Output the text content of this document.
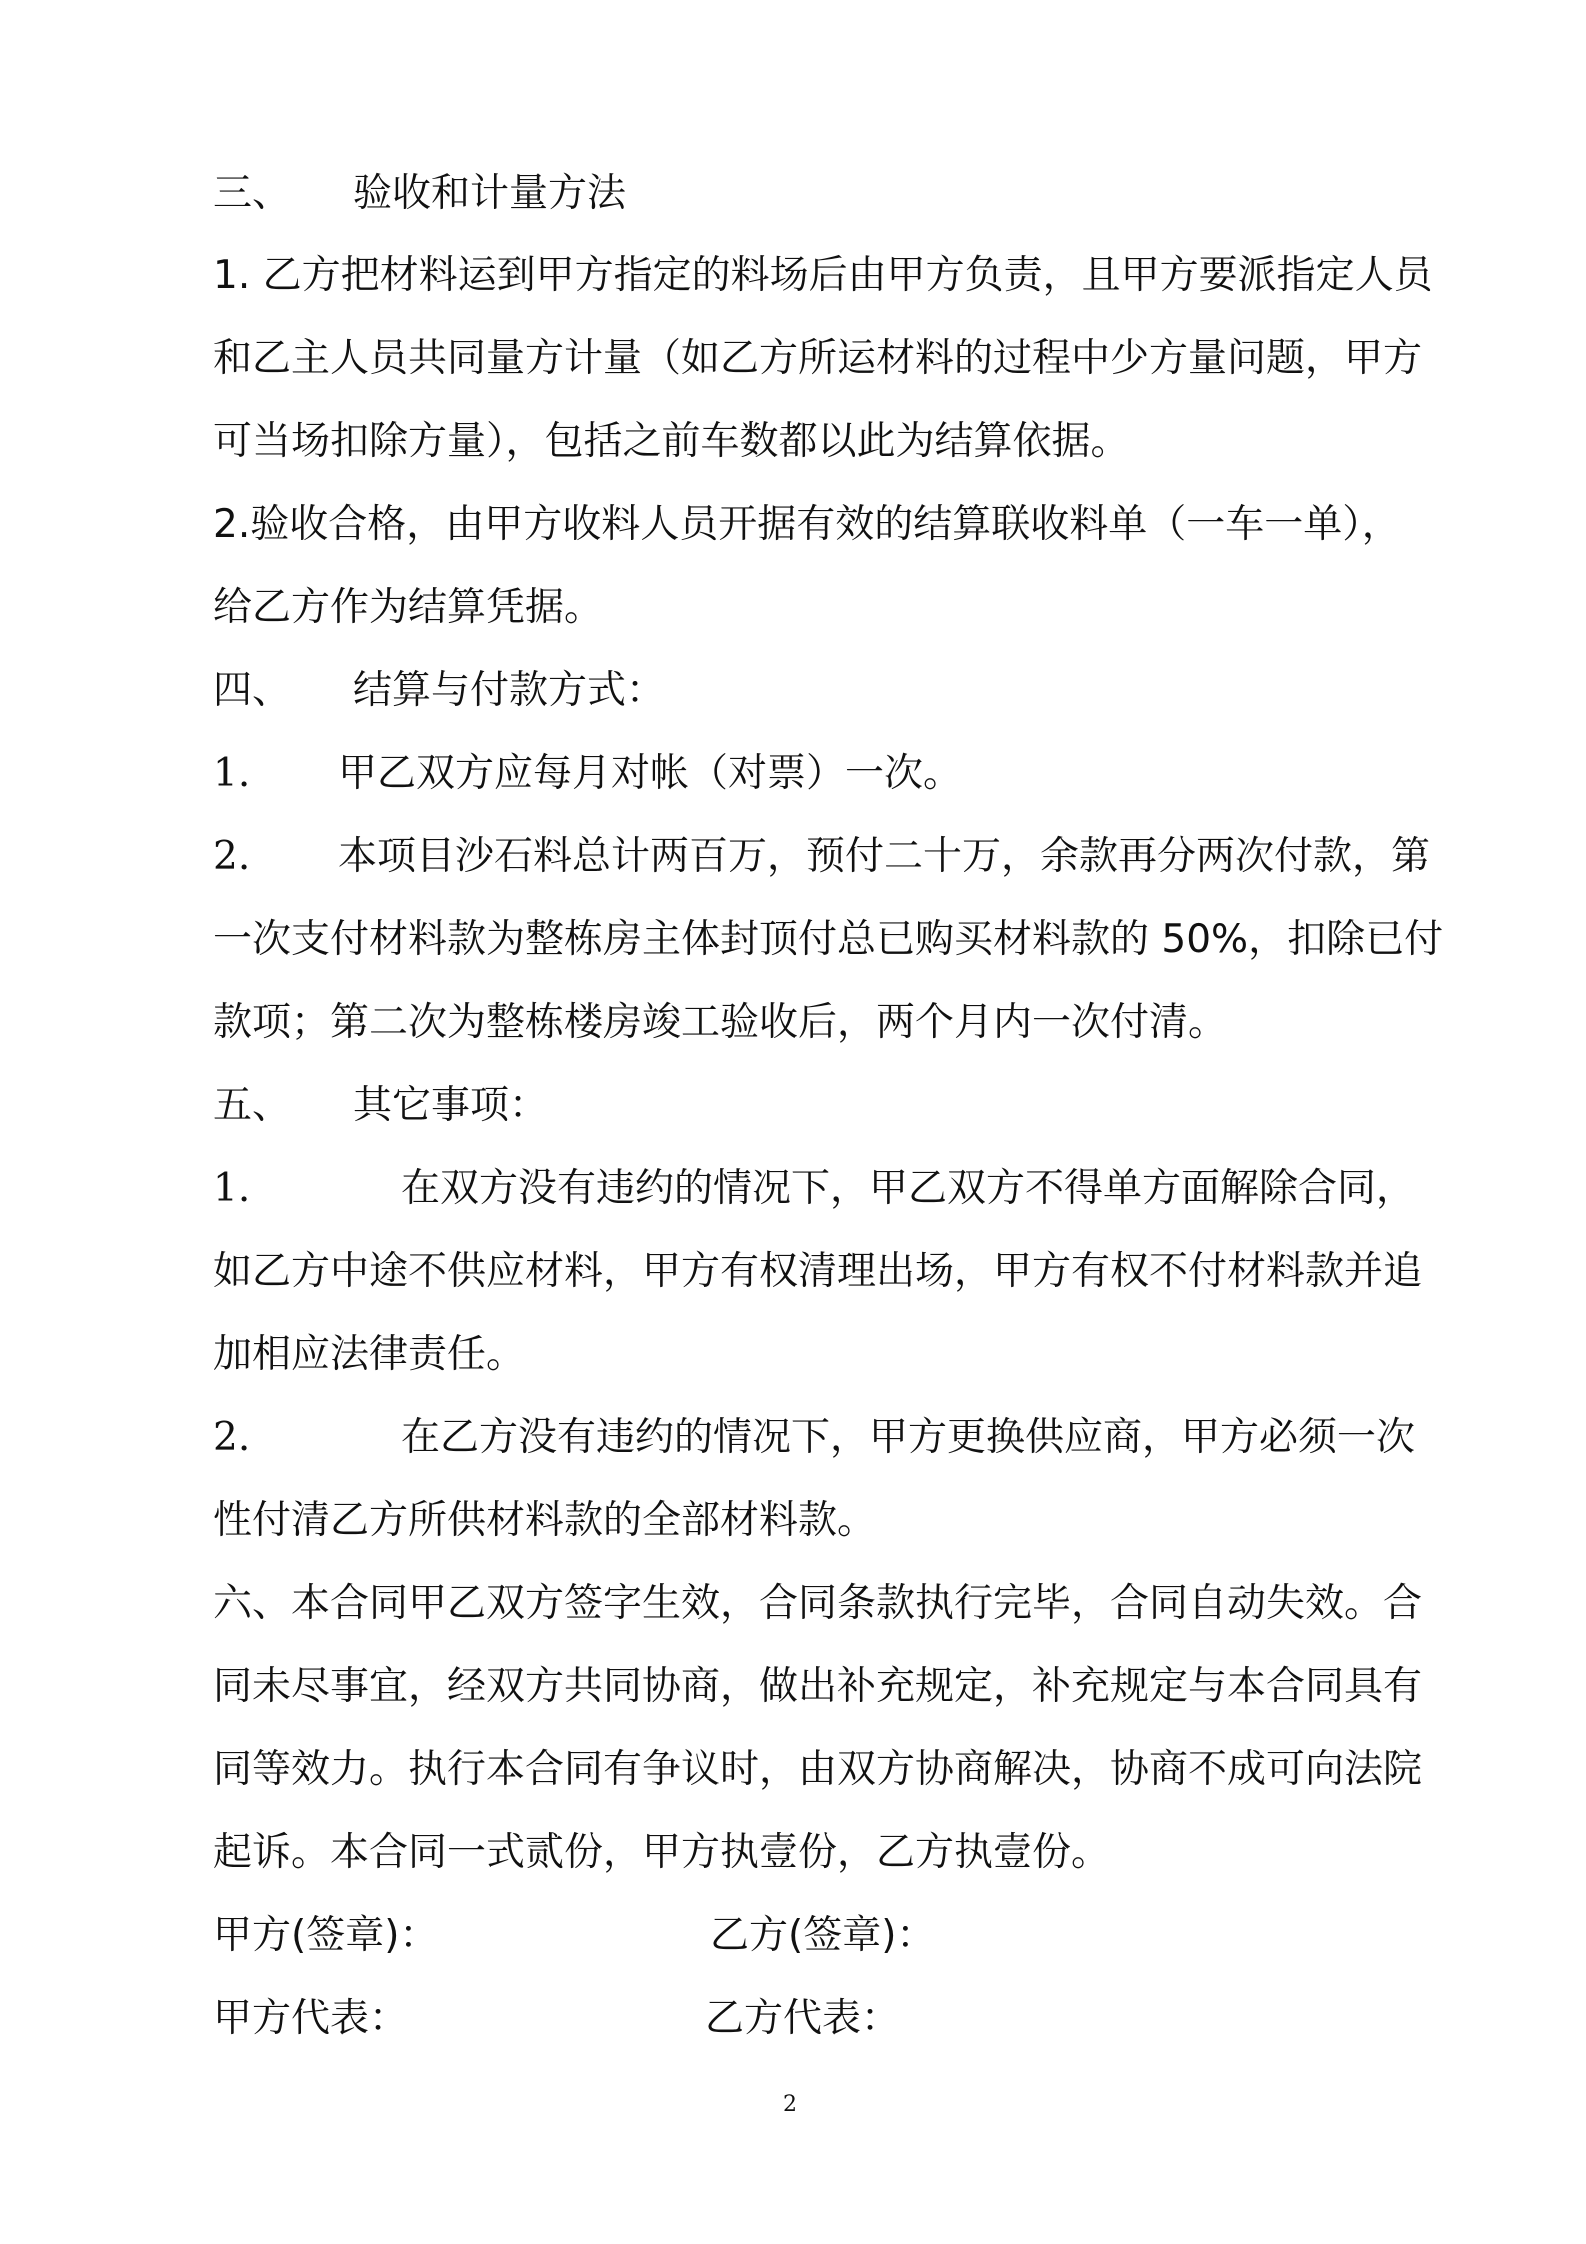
三、 验收和计量方法
1. 乙方把材料运到甲方指定的料场后由甲方负责，且甲方要派指定人员
和乙主人员共同量方计量（如乙方所运材料的过程中少方量问题，甲方
可当场扣除方量），包括之前车数都以此为结算依据。
2.验收合格，由甲方收料人员开据有效的结算联收料单（一车一单），
给乙方作为结算凭据。
四、 结算与付款方式：
1. 甲乙双方应每月对帐（对票）一次。
2. 本项目沙石料总计两百万，预付二十万，余款再分两次付款，第
一次支付材料款为整栋房主体封顶付总已购买材料款的 50%，扣除已付
款项；第二次为整栋楼房竣工验收后，两个月内一次付清。
五、 其它事项：
1.	在双方没有违约的情况下，甲乙双方不得单方面解除合同，
如乙方中途不供应材料，甲方有权清理出场，甲方有权不付材料款并追
加相应法律责任。
2.	在乙方没有违约的情况下，甲方更换供应商，甲方必须一次
性付清乙方所供材料款的全部材料款。
六、本合同甲乙双方签字生效，合同条款执行完毕，合同自动失效。合
同未尽事宜，经双方共同协商，做出补充规定，补充规定与本合同具有
同等效力。执行本合同有争议时，由双方协商解决，协商不成可向法院
起诉。本合同一式贰份，甲方执壹份，乙方执壹份。
甲方(签章)：	乙方(签章)：
甲方代表：	乙方代表：
2
